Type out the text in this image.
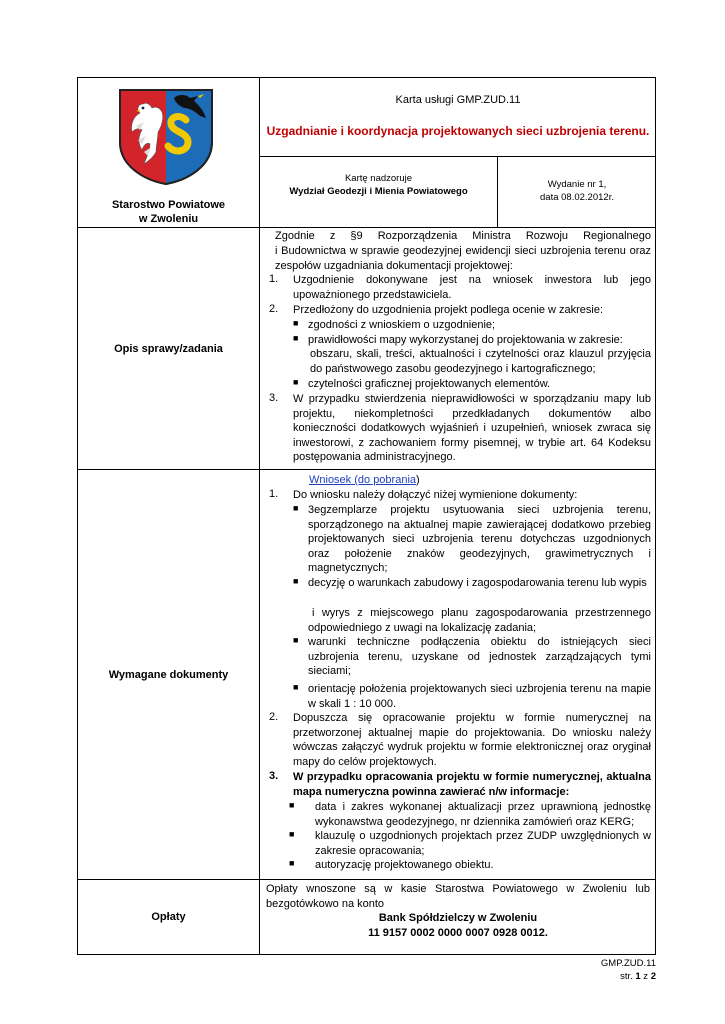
Starostwo Powiatowe
w Zwoleniu
Karta usługi GMP.ZUD.11
Uzgadnianie i koordynacja projektowanych sieci uzbrojenia terenu.
Kartę nadzoruje
Wydział Geodezji i Mienia Powiatowego
Wydanie nr 1,
data 08.02.2012r.
Opis sprawy/zadania

Zgodnie z §9 Rozporządzenia Ministra Rozwoju Regionalnego

i Budownictwa w sprawie geodezyjnej ewidencji sieci uzbrojenia terenu oraz zespołów uzgadniania dokumentacji projektowej:

1. Uzgodnienie dokonywane jest na wniosek inwestora lub jego upoważnionego przedstawiciela.

2. Przedłożony do uzgodnienia projekt podlega ocenie w zakresie:

■ zgodności z wnioskiem o uzgodnienie;

■ prawidłowości mapy wykorzystanej do projektowania w zakresie:

obszaru, skali, treści, aktualności i czytelności oraz klauzul przyjęcia do państwowego zasobu geodezyjnego i kartograficznego;

■ czytelności graficznej projektowanych elementów.

3. W przypadku stwierdzenia nieprawidłowości w sporządzaniu mapy lub projektu, niekompletności przedkładanych dokumentów albo konieczności dodatkowych wyjaśnień i uzupełnień, wniosek zwraca się inwestorowi, z zachowaniem formy pisemnej, w trybie art. 64 Kodeksu postępowania administracyjnego.

Wymagane dokumenty
Wniosek (do pobrania)
1. Do wniosku należy dołączyć niżej wymienione dokumenty:

■ 3egzemplarze projektu usytuowania sieci uzbrojenia terenu, sporządzonego na aktualnej mapie zawierającej dodatkowo przebieg projektowanych sieci uzbrojenia terenu dotychczas uzgodnionych oraz położenie znaków geodezyjnych, grawimetrycznych i magnetycznych;

■ decyzję o warunkach zabudowy i zagospodarowania terenu lub wypis

i wyrys z miejscowego planu zagospodarowania przestrzennego odpowiedniego z uwagi na lokalizację zadania;

■ warunki techniczne podłączenia obiektu do istniejących sieci uzbrojenia terenu, uzyskane od jednostek zarządzających tymi sieciami;

■ orientację położenia projektowanych sieci uzbrojenia terenu na mapie w skali 1 : 10 000.

2. Dopuszcza się opracowanie projektu w formie numerycznej na przetworzonej aktualnej mapie do projektowania. Do wniosku należy wówczas załączyć wydruk projektu w formie elektronicznej oraz oryginał mapy do celów projektowych.

3. W przypadku opracowania projektu w formie numerycznej, aktualna mapa numeryczna powinna zawierać n/w informacje:

■ data i zakres wykonanej aktualizacji przez uprawnioną jednostkę wykonawstwa geodezyjnego, nr dziennika zamówień oraz KERG;

■ klauzulę o uzgodnionych projektach przez ZUDP uwzględnionych w zakresie opracowania;

■ autoryzację projektowanego obiektu.

Opłaty

Opłaty wnoszone są w kasie Starostwa Powiatowego w Zwoleniu lub bezgotówkowo na konto

Bank Spółdzielczy w Zwoleniu
11 9157 0002 0000 0007 0928 0012.
GMP.ZUD.11
str. 1 z 2
